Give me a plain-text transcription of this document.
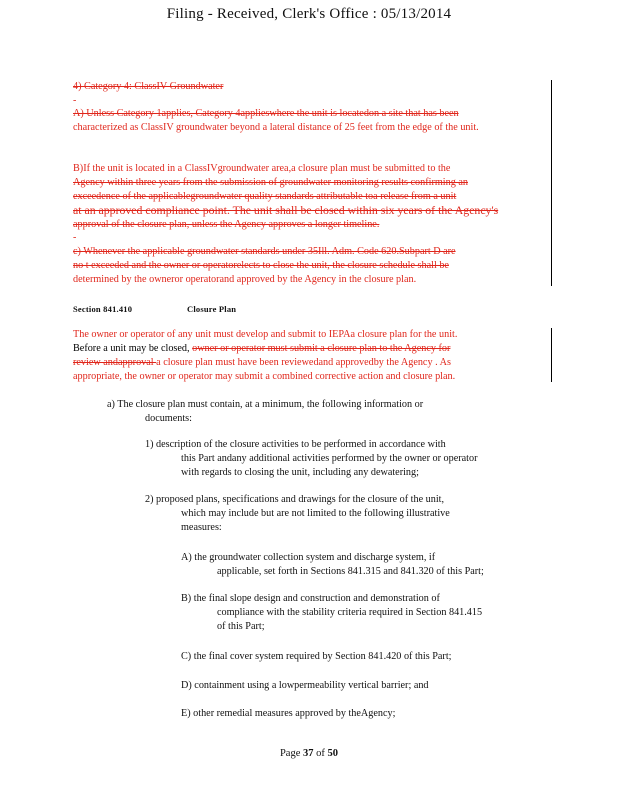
Filing - Received, Clerk's Office : 05/13/2014
4) Category 4: ClassIV Groundwater
-
A) Unless Category 1applies, Category 4applieswhere the unit is locatedon a site that has been
characterized as ClassIV groundwater beyond a lateral distance of 25 feet from the edge of the unit.
B)If the unit is located in a ClassIVgroundwater area,a closure plan must be submitted to the
Agency within three years from the submission of groundwater monitoring results confirming an
exceedence of the applicablegroundwater quality standards attributable toa release from a unit
at an approved compliance point. The unit shall be closed within six years of the Agency's
approval of the closure plan, unless the Agency approves a longer timeline.
-
c) Whenever the applicable groundwater standards under 35Ill. Adm. Code 620.Subpart D are
no t exceeded and the owner or operatorelects to close the unit, the closure schedule shall be
determined by the owneror operatorand approved by the Agency in the closure plan.
Section 841.410	Closure Plan
The owner or operator of any unit must develop and submit to IEPAa closure plan for the unit.
Before a unit may be closed, owner or operator must submit a closure plan to the Agency for
review andapproval a closure plan must have been reviewedand approvedby the Agency . As
appropriate, the owner or operator may submit a combined corrective action and closure plan.
a) The closure plan must contain, at a minimum, the following information or
documents:
1) description of the closure activities to be performed in accordance with
this Part andany additional activities performed by the owner or operator
with regards to closing the unit, including any dewatering;
2) proposed plans, specifications and drawings for the closure of the unit,
which may include but are not limited to the following illustrative
measures:
A) the groundwater collection system and discharge system, if
applicable, set forth in Sections 841.315 and 841.320 of this Part;
B) the final slope design and construction and demonstration of
compliance with the stability criteria required in Section 841.415
of this Part;
C) the final cover system required by Section 841.420 of this Part;
D) containment using a lowpermeability vertical barrier; and
E) other remedial measures approved by theAgency;
Page 37 of 50
